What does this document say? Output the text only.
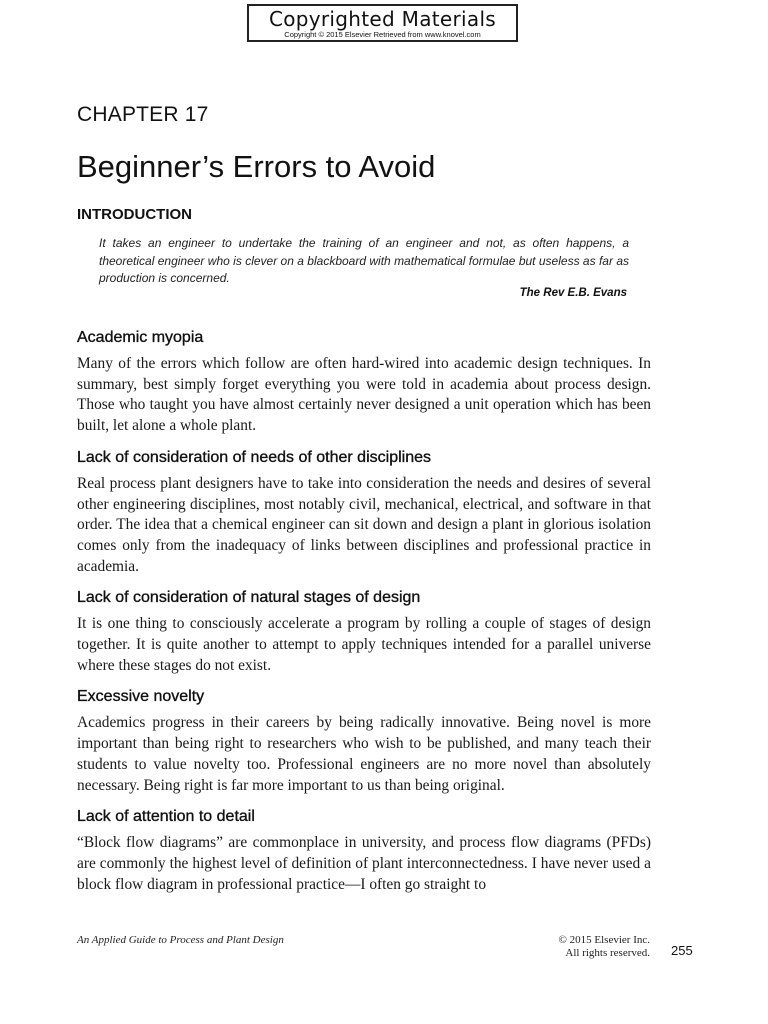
Copyrighted Materials
Copyright © 2015 Elsevier Retrieved from www.knovel.com
CHAPTER 17
Beginner’s Errors to Avoid
INTRODUCTION

It takes an engineer to undertake the training of an engineer and not, as often happens, a theoretical engineer who is clever on a blackboard with mathematical formulae but useless as far as production is concerned.

The Rev E.B. Evans

Academic myopia

Many of the errors which follow are often hard-wired into academic design techniques. In summary, best simply forget everything you were told in academia about process design. Those who taught you have almost certainly never designed a unit operation which has been built, let alone a whole plant.

Lack of consideration of needs of other disciplines

Real process plant designers have to take into consideration the needs and desires of several other engineering disciplines, most notably civil, mechanical, electrical, and software in that order. The idea that a chemical engineer can sit down and design a plant in glorious isolation comes only from the inadequacy of links between disciplines and professional practice in academia.

Lack of consideration of natural stages of design

It is one thing to consciously accelerate a program by rolling a couple of stages of design together. It is quite another to attempt to apply techniques intended for a parallel universe where these stages do not exist.

Excessive novelty

Academics progress in their careers by being radically innovative. Being novel is more important than being right to researchers who wish to be published, and many teach their students to value novelty too. Professional engineers are no more novel than absolutely necessary. Being right is far more important to us than being original.

Lack of attention to detail

“Block flow diagrams” are commonplace in university, and process flow diagrams (PFDs) are commonly the highest level of definition of plant interconnectedness. I have never used a block flow diagram in professional practice—I often go straight to

An Applied Guide to Process and Plant Design	© 2015 Elsevier Inc.
All rights reserved. 255
